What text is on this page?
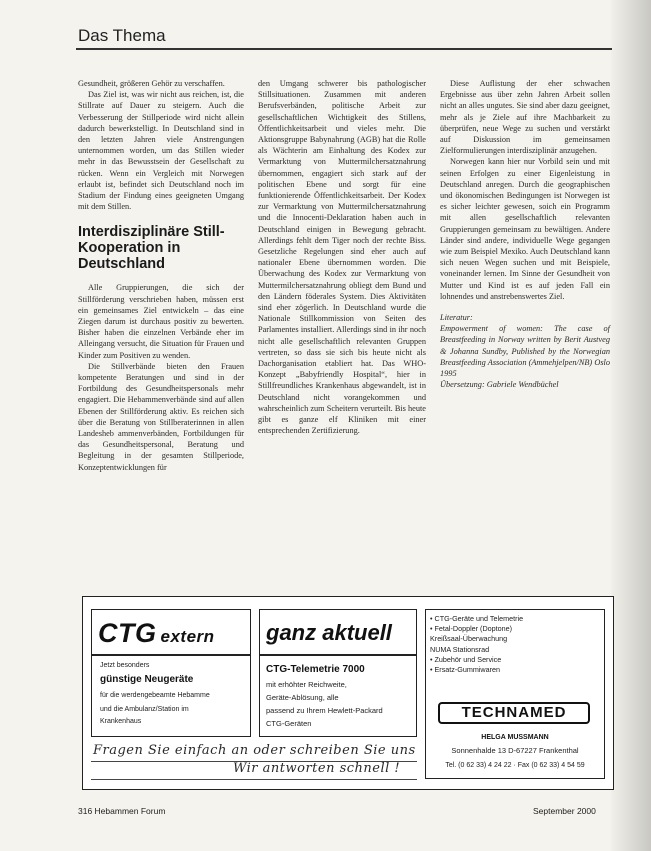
Das Thema

Gesundheit, größeren Gehör zu verschaffen.

Das Ziel ist, was wir nicht aus reichen, ist, die Stillrate auf Dauer zu steigern. Auch die Verbesserung der Stillperiode wird nicht allein dadurch bewerkstelligt. In Deutschland sind in den letzten Jahren viele Anstrengungen unternommen worden, um das Stillen wieder mehr in das Bewusstsein der Gesellschaft zu rücken. Wenn ein Vergleich mit Norwegen erlaubt ist, befindet sich Deutschland noch im Stadium der Findung eines geeigneten Umgang mit dem Stillen.

Interdisziplinäre Still-Kooperation in Deutschland

Alle Gruppierungen, die sich der Stillförderung verschrieben haben, müssen erst ein gemeinsames Ziel entwickeln – das eine Ziegen darum ist durchaus positiv zu bewerten. Bisher haben die einzelnen Verbände eher im Alleingang versucht, die Situation für Frauen und Kinder zum Positiven zu wenden.

Die Stillverbände bieten den Frauen kompetente Beratungen und sind in der Fortbildung des Gesundheitspersonals mehr engagiert. Die Hebammenverbände sind auf allen Ebenen der Stillförderung aktiv. Es reichen sich über die Beratung von Stillberaterinnen in allen Landesheb ammenverbänden, Fortbildungen für das Gesundheitspersonal, Beratung und Begleitung in der gesamten Stillperiode, Konzeptentwicklungen für

den Umgang schwerer bis pathologischer Stillsituationen. Zusammen mit anderen Berufsverbänden, politische Arbeit zur gesellschaftlichen Wichtigkeit des Stillens, Öffentlichkeitsarbeit und vieles mehr. Die Aktionsgruppe Babynahrung (AGB) hat die Rolle als Wächterin am Einhaltung des Kodex zur Vermarktung von Muttermilchersatznahrung übernommen, engagiert sich stark auf der politischen Ebene und sorgt für eine funktionierende Öffentlichkeitsarbeit. Der Kodex zur Vermarktung von Muttermilchersatznahrung und die Innocenti-Deklaration haben auch in Deutschland einigen in Bewegung gebracht. Allerdings fehlt dem Tiger noch der rechte Biss. Gesetzliche Regelungen sind eher auch auf nationaler Ebene übernommen worden. Die Überwachung des Kodex zur Vermarktung von Muttermilchersatznahrung obliegt dem Bund und den Ländern föderales System. Dies Aktivitäten sind eher zögerlich. In Deutschland wurde die Nationale Stillkommission von Seiten des Parlamentes installiert. Allerdings sind in ihr noch nicht alle gesellschaftlich relevanten Gruppen vertreten, so dass sie sich bis heute nicht als Dachorganisation etabliert hat. Das WHO-Konzept „Babyfriendly Hospital“, hier in Stillfreundliches Krankenhaus abgewandelt, ist in Deutschland nicht vorangekommen und wahrscheinlich zum Scheitern verurteilt. Bis heute gibt es ganze elf Kliniken mit einer entsprechenden Zertifizierung.

Diese Auflistung der eher schwachen Ergebnisse aus über zehn Jahren Arbeit sollen nicht an alles ungutes. Sie sind aber dazu geeignet, mehr als je Ziele auf ihre Machbarkeit zu überprüfen, neue Wege zu suchen und verstärkt auf Diskussion im gemeinsamen Zielformulierungen interdisziplinär anzugehen.

Norwegen kann hier nur Vorbild sein und mit seinen Erfolgen zu einer Eigenleistung in Deutschland anregen. Durch die geographischen und ökonomischen Bedingungen ist Norwegen ist es sicher leichter gewesen, soich ein Programm mit allen gesellschaftlich relevanten Gruppierungen gemeinsam zu bewältigen. Andere Länder sind andere, individuelle Wege gegangen wie zum Beispiel Mexiko. Auch Deutschland kann sich neuen Wegen suchen und mit Beispiele, voneinander lernen. Im Sinne der Gesundheit von Mutter und Kind ist es auf jeden Fall ein lohnendes und anstrebenswertes Ziel.

Literatur:
Empowerment of women: The case of Breastfeeding in Norway written by Berit Austveg & Johanna Sundby, Published by the Norwegian Breastfeeding Association (Ammehjelpen/NB) Oslo 1995
Übersetzung: Gabriele Wendbüchel
CTG extern
Jetzt besonders
günstige Neugeräte
für die werdengebeamte Hebamme
und die Ambulanz/Station im
Krankenhaus
ganz aktuell
CTG-Telemetrie 7000
mit erhöhter Reichweite,
Geräte-Ablösung, alle
passend zu Ihrem Hewlett-Packard
CTG-Geräten
• CTG-Geräte und Telemetrie
• Fetal-Doppler (Doptone)
Kreißsaal-Überwachung
NUMA Stationsrad
• Zubehör und Service
• Ersatz-Gummiwaren
TECHNAMED
HELGA MUSSMANN
Sonnenhalde 13 D-67227 Frankenthal
Tel. (0 62 33) 4 24 22 · Fax (0 62 33) 4 54 59
Fragen Sie einfach an oder schreiben Sie uns
Wir antworten schnell !
316 Hebammen Forum	September 2000
